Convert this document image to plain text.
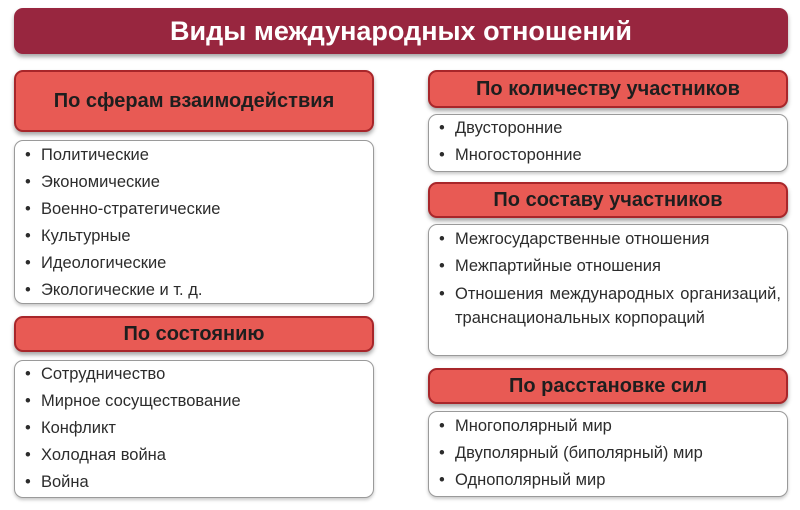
Виды международных отношений
По сферам взаимодействия
• Политические
• Экономические
• Военно-стратегические
• Культурные
• Идеологические
• Экологические и т. д.
По состоянию
• Сотрудничество
• Мирное сосуществование
• Конфликт
• Холодная война
• Война
По количеству участников
• Двусторонние
• Многосторонние
По составу участников
• Межгосударственные отношения
• Межпартийные отношения
• Отношения международных организаций, транснациональных корпораций
По расстановке сил
• Многополярный мир
• Двуполярный (биполярный) мир
• Однополярный мир
